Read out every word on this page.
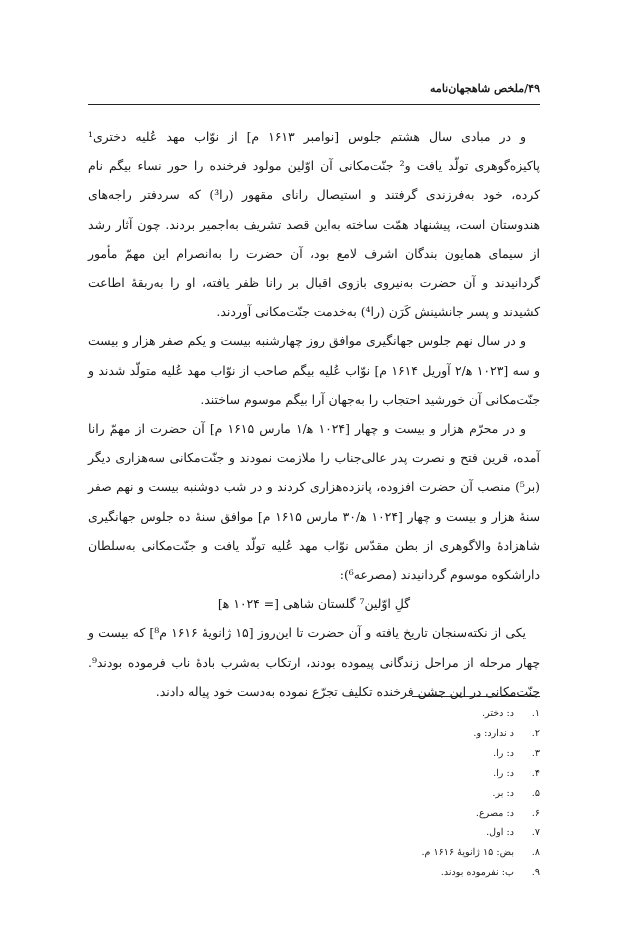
۴۹/ملخص شاهجهان‌نامه

و در مبادی سال هشتم جلوس [نوامبر ۱۶۱۳ م] از نوّاب مهد عُلیه دختری¹ پاکیزه‌گوهری تولّد یافت و² جنّت‌مکانی آن اوّلین مولود فرخنده را حور نساء بیگم نام کرده، خود به‌فرزندی گرفتند و استیصال رانای مقهور (را³) که سردفتر راجه‌های هندوستان است، پیشنهاد همّت ساخته به‌این قصد تشریف به‌اجمیر بردند. چون آثار رشد از سیمای همایون بندگان اشرف لامع بود، آن حضرت را به‌انصرام این مهمّ مأمور گردانیدند و آن حضرت به‌نیروی بازوی اقبال بر رانا ظفر یافته، او را به‌ربقهٔ اطاعت کشیدند و پسر جانشینش کَرَن (را⁴) به‌خدمت جنّت‌مکانی آوردند.

و در سال نهم جلوس جهانگیری موافق روز چهارشنبه بیست و یکم صفر هزار و بیست و سه [۱۰۲۳ ه‍/۲ آوریل ۱۶۱۴ م] نوّاب عُلیه بیگم صاحب از نوّاب مهد عُلیه متولّد شدند و جنّت‌مکانی آن خورشید احتجاب را به‌جهان آرا بیگم موسوم ساختند.

و در محرّم هزار و بیست و چهار [۱۰۲۴ ه‍/۱ مارس ۱۶۱۵ م] آن حضرت از مهمّ رانا آمده، قرین فتح و نصرت پدر عالی‌جناب را ملازمت نمودند و جنّت‌مکانی سه‌هزاری دیگر (بر⁵) منصب آن حضرت افزوده، پانزده‌هزاری کردند و در شب دوشنبه بیست و نهم صفر سنهٔ هزار و بیست و چهار [۱۰۲۴ ه‍/۳۰ مارس ۱۶۱۵ م] موافق سنهٔ ده جلوس جهانگیری شاهزادهٔ والاگوهری از بطن مقدّس نوّاب مهد عُلیه تولّد یافت و جنّت‌مکانی به‌سلطان داراشکوه موسوم گردانیدند (مصرعه⁶):

گلِ اوّلین⁷ گلستان شاهی [= ۱۰۲۴ ه‍]

یکی از نکته‌سنجان تاریخ یافته و آن حضرت تا این‌روز [۱۵ ژانویهٔ ۱۶۱۶ م⁸] که بیست و چهار مرحله از مراحل زندگانی پیموده بودند، ارتکاب به‌شرب بادهٔ ناب فرموده بودند⁹. جنّت‌مکانی در این جشن فرخنده تکلیف تجرّع نموده به‌دست خود پیاله دادند.

۱.د: دختر.
۲.د ندارد: و.
۳.د: را.
۴.د: را.
۵.د: بر.
۶.د: مصرع.
۷.د: اول.
۸.بض: ۱۵ ژانویهٔ ۱۶۱۶ م.
۹.ب: نفرموده بودند.
